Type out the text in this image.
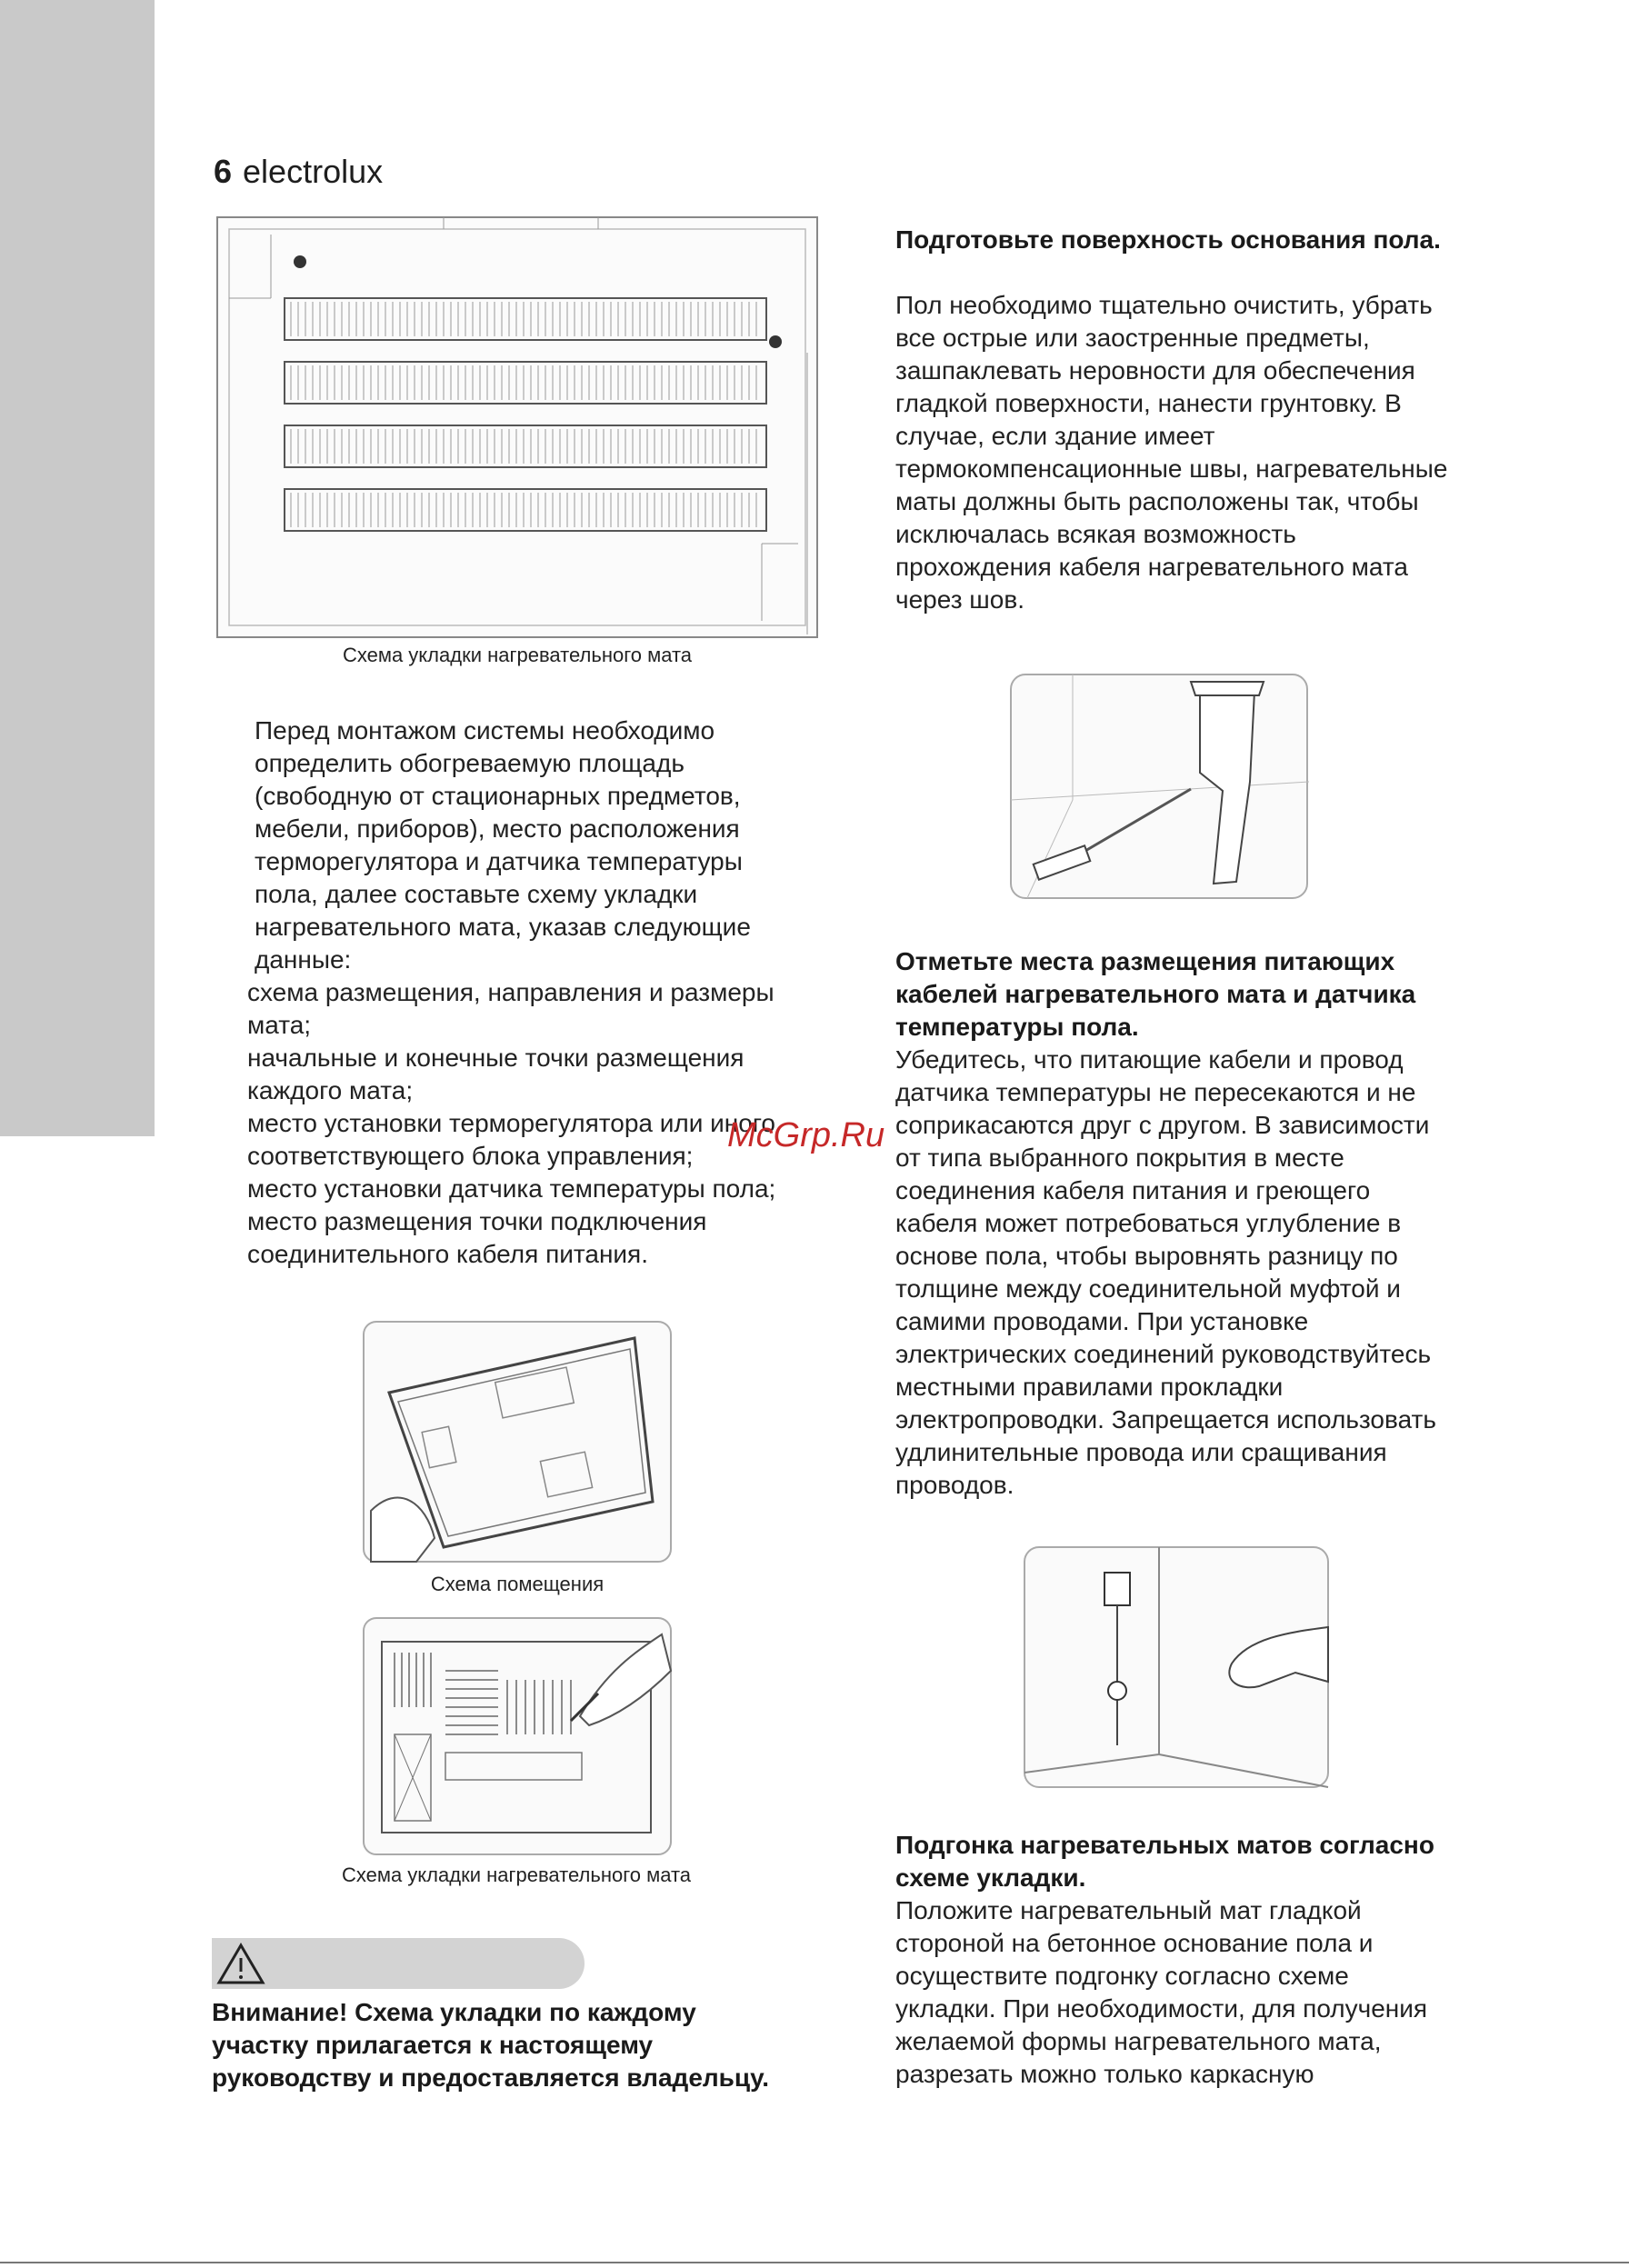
6 electrolux
Схема укладки нагревательного мата

Перед монтажом системы необходимо определить обогреваемую площадь (свободную от стационарных предметов, мебели, приборов), место расположения терморегулятора и датчика температуры пола, далее составьте схему укладки нагревательного мата, указав следующие данные:

схема размещения, направления и размеры мата;
начальные и конечные точки размещения каждого мата;
место установки терморегулятора или иного соответствующего блока управления;
место установки датчика температуры пола;
место размещения точки подключения соединительного кабеля питания.
Схема помещения
Схема укладки нагревательного мата
Внимание! Схема укладки по каждому участку прилагается к настоящему руководству и предоставляется владельцу.

Подготовьте поверхность основания пола.

Пол необходимо тщательно очистить, убрать все острые или заостренные предметы, зашпаклевать неровности для обеспечения гладкой поверхности, нанести грунтовку. В случае, если здание имеет термокомпенсационные швы, нагревательные маты должны быть расположены так, чтобы исключалась всякая возможность прохождения кабеля нагревательного мата через шов.

Отметьте места размещения питающих кабелей нагревательного мата и датчика температуры пола.

Убедитесь, что питающие кабели и провод датчика температуры не пересекаются и не соприкасаются друг с другом. В зависимости от типа выбранного покрытия в месте соединения кабеля питания и греющего кабеля может потребоваться углубление в основе пола, чтобы выровнять разницу по толщине между соединительной муфтой и самими проводами. При установке электрических соединений руководствуйтесь местными правилами прокладки электропроводки. Запрещается использовать удлинительные провода или сращивания проводов.

Подгонка нагревательных матов согласно схеме укладки.

Положите нагревательный мат гладкой стороной на бетонное основание пола и осуществите подгонку согласно схеме укладки. При необходимости, для получения желаемой формы нагревательного мата, разрезать можно только каркасную

McGrp.Ru
